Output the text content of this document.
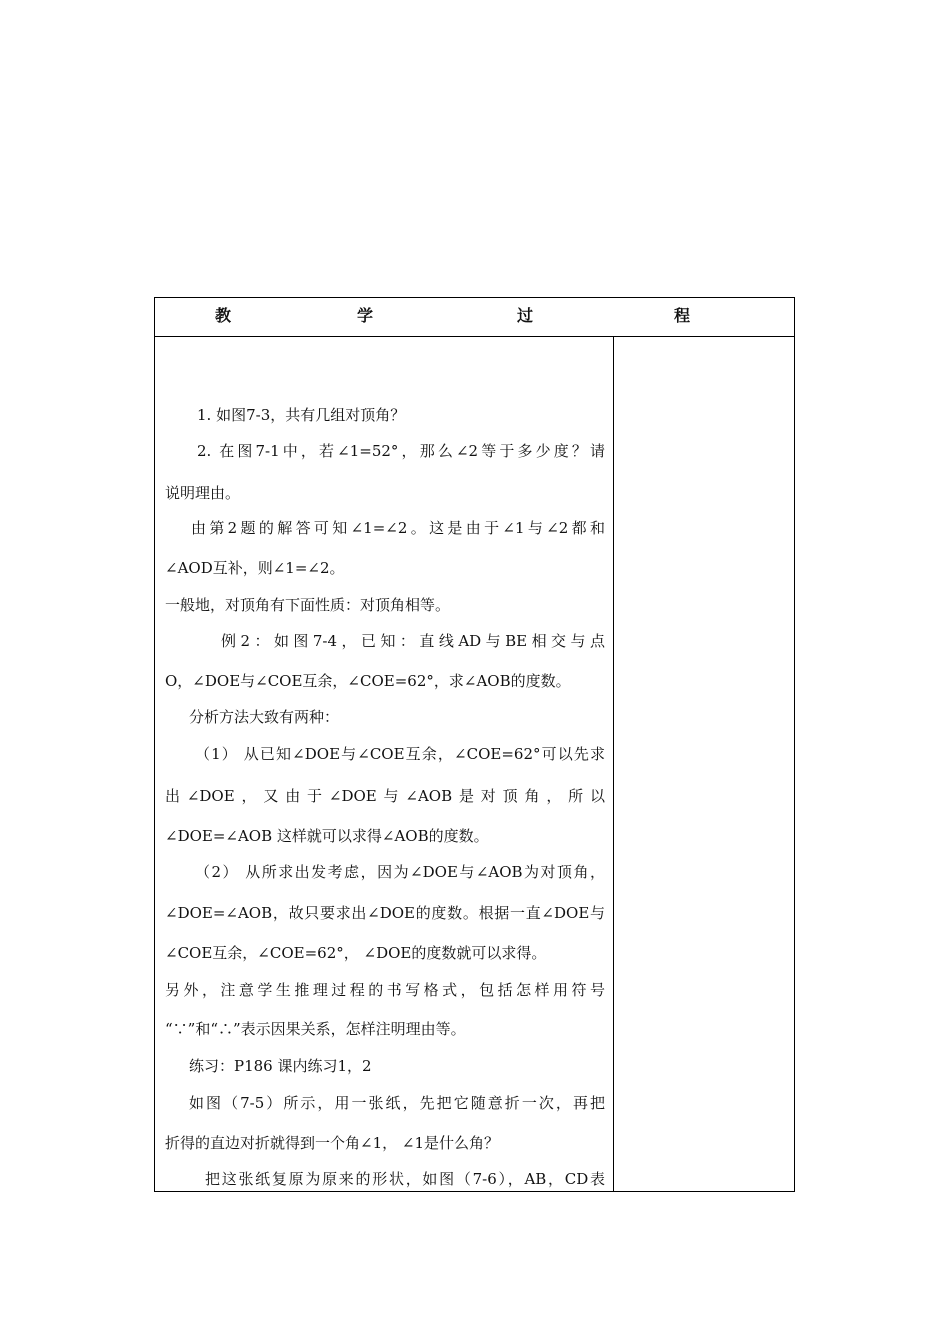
教	学	过	程
1. 如图7-3，共有几组对顶角？
2. 在图7-1中，若∠1=52°，那么∠2等于多少度？请
说明理由。
由第2题的解答可知∠1=∠2。这是由于∠1与∠2都和
∠AOD互补，则∠1=∠2。
一般地，对顶角有下面性质：对顶角相等。
例2：如图7-4，已知：直线AD与BE相交与点
O，∠DOE与∠COE互余，∠COE=62°，求∠AOB的度数。
分析方法大致有两种：
（1） 从已知∠DOE与∠COE互余，∠COE=62°可以先求
出∠DOE，又由于∠DOE与∠AOB是对顶角，所以
∠DOE=∠AOB 这样就可以求得∠AOB的度数。
（2） 从所求出发考虑，因为∠DOE与∠AOB为对顶角，
∠DOE=∠AOB，故只要求出∠DOE的度数。根据一直∠DOE与
∠COE互余，∠COE=62°， ∠DOE的度数就可以求得。
另外，注意学生推理过程的书写格式，包括怎样用符号
“∵”和“∴”表示因果关系，怎样注明理由等。
练习：P186 课内练习1，2
如图（7-5）所示，用一张纸，先把它随意折一次，再把
折得的直边对折就得到一个角∠1， ∠1是什么角？
把这张纸复原为原来的形状，如图（7-6），AB，CD表
